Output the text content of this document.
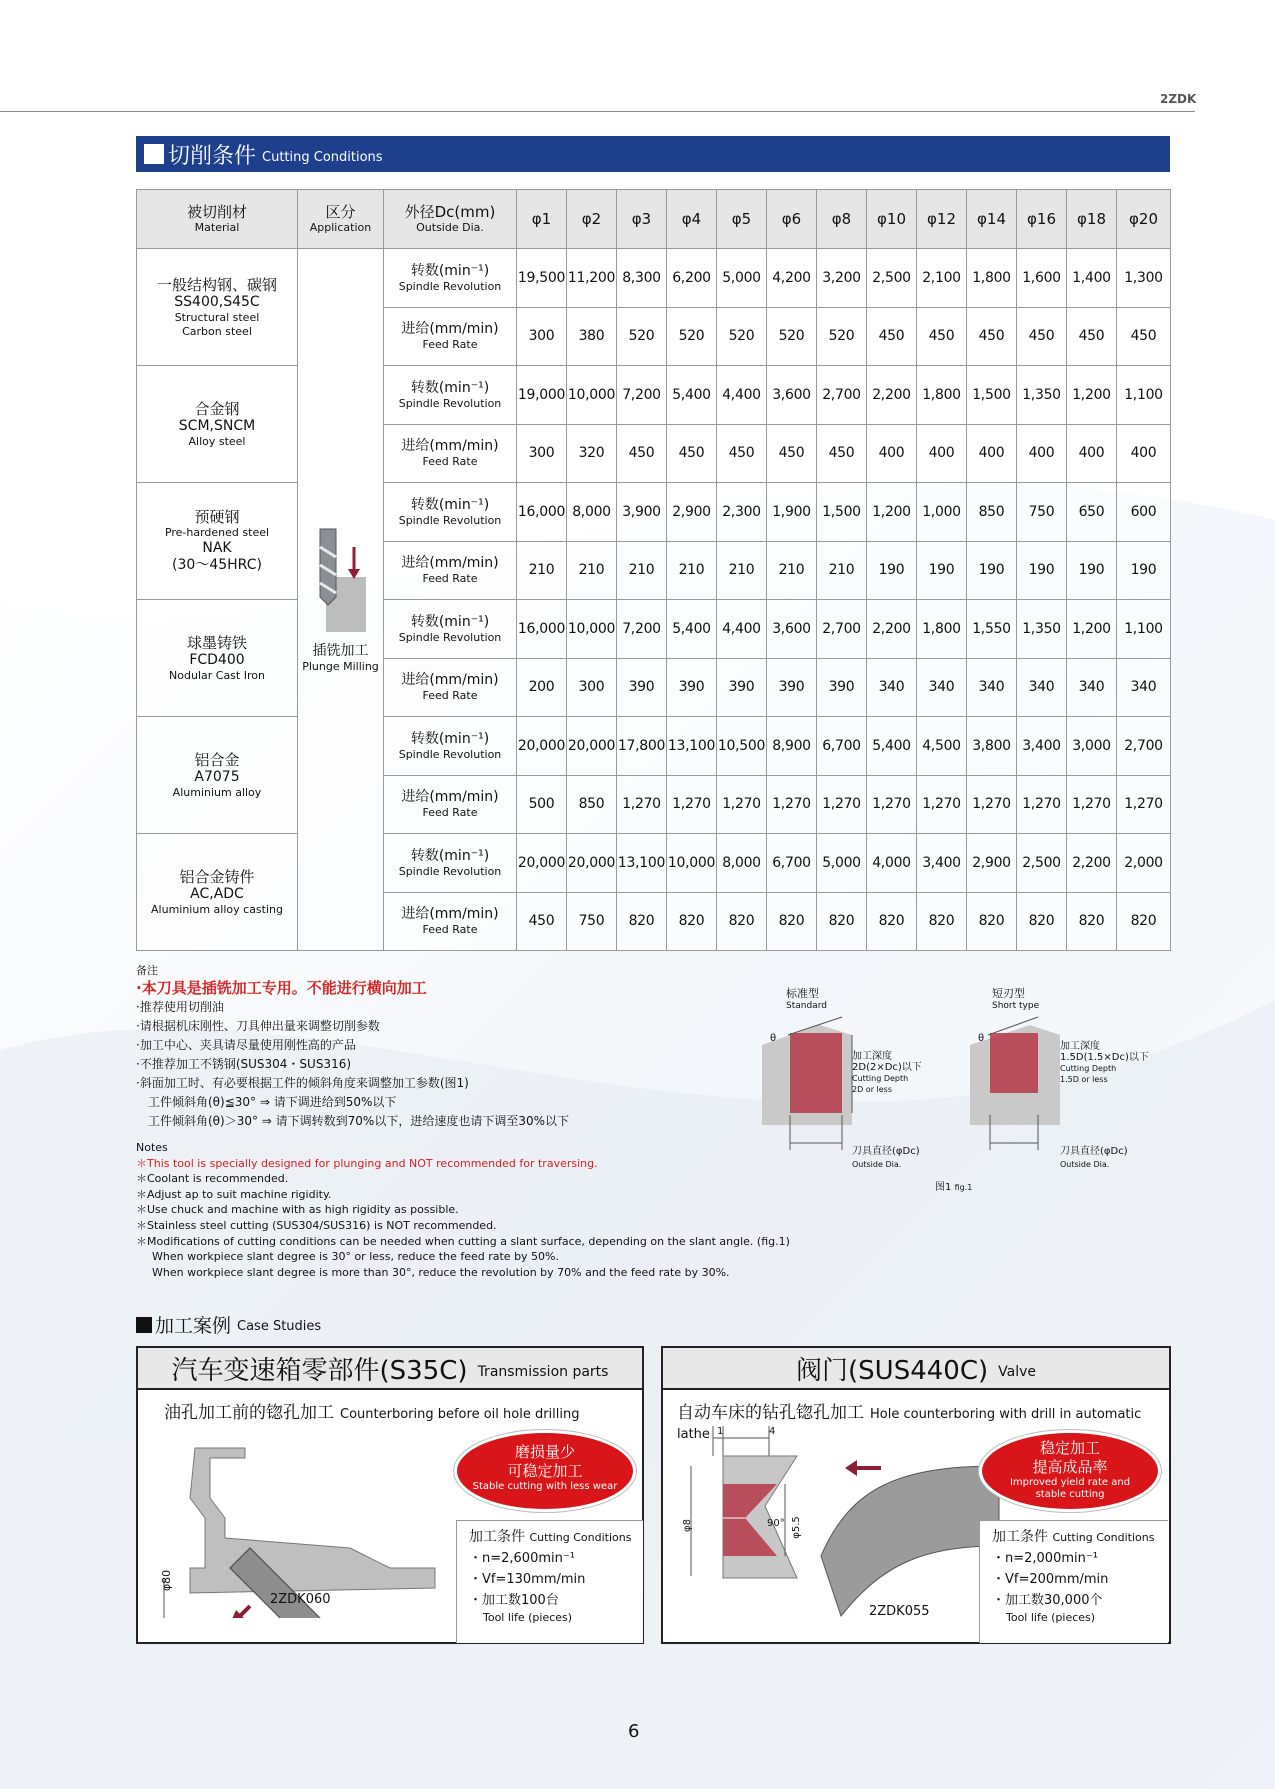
2ZDK
切削条件 Cutting Conditions
被切削材
Material	区分
Application	外径Dc(mm)
Outside Dia.	φ1	φ2	φ3	φ4	φ5	φ6	φ8	φ10	φ12	φ14	φ16	φ18	φ20

一般结构钢、碳钢
SS400,S45C
Structural steel
Carbon steel	插铣加工
Plunge Milling	转数(min⁻¹)
Spindle Revolution	19,500	11,200	8,300	6,200	5,000	4,200	3,200	2,500	2,100	1,800	1,600	1,400	1,300

		进给(mm/min)
Feed Rate	300	380	520	520	520	520	520	450	450	450	450	450	450

合金钢
SCM,SNCM
Alloy steel		转数(min⁻¹)
Spindle Revolution	19,000	10,000	7,200	5,400	4,400	3,600	2,700	2,200	1,800	1,500	1,350	1,200	1,100

		进给(mm/min)
Feed Rate	300	320	450	450	450	450	450	400	400	400	400	400	400

预硬钢
Pre-hardened steel
NAK
(30～45HRC)		转数(min⁻¹)
Spindle Revolution	16,000	8,000	3,900	2,900	2,300	1,900	1,500	1,200	1,000	850	750	650	600

		进给(mm/min)
Feed Rate	210	210	210	210	210	210	210	190	190	190	190	190	190

球墨铸铁
FCD400
Nodular Cast Iron		转数(min⁻¹)
Spindle Revolution	16,000	10,000	7,200	5,400	4,400	3,600	2,700	2,200	1,800	1,550	1,350	1,200	1,100

		进给(mm/min)
Feed Rate	200	300	390	390	390	390	390	340	340	340	340	340	340

铝合金
A7075
Aluminium alloy		转数(min⁻¹)
Spindle Revolution	20,000	20,000	17,800	13,100	10,500	8,900	6,700	5,400	4,500	3,800	3,400	3,000	2,700

		进给(mm/min)
Feed Rate	500	850	1,270	1,270	1,270	1,270	1,270	1,270	1,270	1,270	1,270	1,270	1,270

铝合金铸件
AC,ADC
Aluminium alloy casting		转数(min⁻¹)
Spindle Revolution	20,000	20,000	13,100	10,000	8,000	6,700	5,000	4,000	3,400	2,900	2,500	2,200	2,000

		进给(mm/min)
Feed Rate	450	750	820	820	820	820	820	820	820	820	820	820	820
备注
·本刀具是插铣加工专用。不能进行横向加工
·推荐使用切削油
·请根据机床刚性、刀具伸出量来调整切削参数
·加工中心、夹具请尽量使用刚性高的产品
·不推荐加工不锈钢(SUS304・SUS316)
·斜面加工时、有必要根据工件的倾斜角度来调整加工参数(图1)
工件倾斜角(θ)≦30° ⇒ 请下调进给到50%以下
工件倾斜角(θ)＞30° ⇒ 请下调转数到70%以下，进给速度也请下调至30%以下
Notes
＊This tool is specially designed for plunging and NOT recommended for traversing.
＊Coolant is recommended.
＊Adjust ap to suit machine rigidity.
＊Use chuck and machine with as high rigidity as possible.
＊Stainless steel cutting (SUS304/SUS316) is NOT recommended.
＊Modifications of cutting conditions can be needed when cutting a slant surface, depending on the slant angle. (fig.1)
When workpiece slant degree is 30° or less, reduce the feed rate by 50%.
When workpiece slant degree is more than 30°, reduce the revolution by 70% and the feed rate by 30%.
标准型
Standard
短刃型
Short type
θ	θ
加工深度
2D(2×Dc)以下
Cutting Depth
2D or less
加工深度
1.5D(1.5×Dc)以下
Cutting Depth
1.5D or less
刀具直径(φDc)
Outside Dia.
刀具直径(φDc)
Outside Dia.
图1 fig.1
加工案例 Case Studies
汽车变速箱零部件(S35C) Transmission parts
油孔加工前的锪孔加工 Counterboring before oil hole drilling
φ80
2ZDK060
磨损量少
可稳定加工
Stable cutting with less wear
加工条件 Cutting Conditions
・n=2,600min⁻¹
・Vf=130mm/min
・加工数100台
Tool life (pieces)
阀门(SUS440C) Valve
自动车床的钻孔锪孔加工 Hole counterboring with drill in automatic lathe 1	4
φ8	φ5.5
90°
2ZDK055
稳定加工
提高成品率
Improved yield rate and
stable cutting
加工条件 Cutting Conditions
・n=2,000min⁻¹
・Vf=200mm/min
・加工数30,000个
Tool life (pieces)
6
